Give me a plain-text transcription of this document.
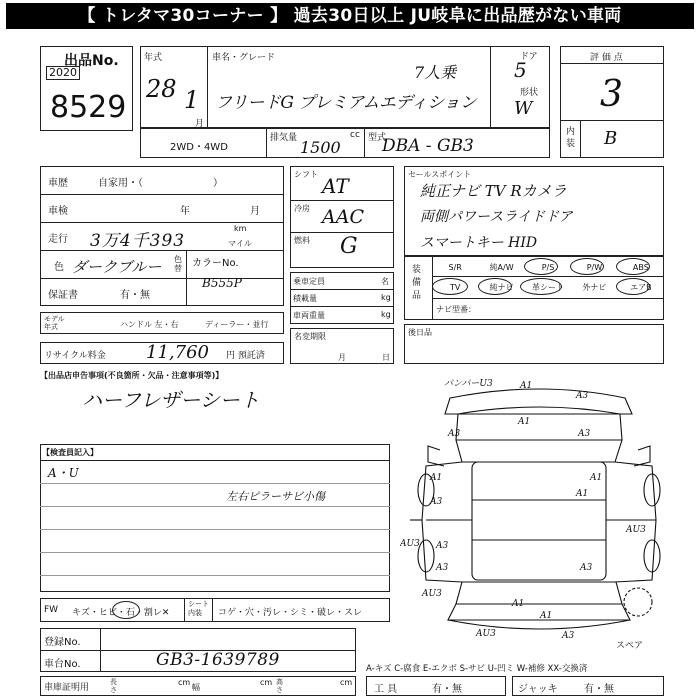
【 トレタマ30コーナー 】 過去30日以上 JU岐阜に出品歴がない車両
出品No.
2020
8529
年式
28 1
月
車名・グレード
7人乗
フリードG プレミアムエディション
ドア
5
形状
W
評 価 点
3
内装 B
2WD・4WD
排気量	cc
1500	型式
DBA - GB3
車歴	自家用・（　　　　　　　）
車検	年	月
走行 3万4千393
km
マイル
色 ダークブルー 色替 カラーNo.
B555P
保証書	有・無
モデル年式	ハンドル 左・右	ディーラー・並行
リサイクル料金 11,760 円 預託済
シフト AT
冷房 AAC
燃料 G
乗車定員	名
積載量	kg
車両重量	kg
名変期限
月	日
セールスポイント
純正ナビ TV Rカメラ
両側パワースライドドア
スマートキー HID
装備品
S/R	純A/W	P/S	P/W	ABS
TV	純ナビ	革シート	外ナビ	エアB
ナビ型番：
後日品
【出品店申告事項(不良箇所・欠品・注意事項等)】
ハーフレザーシート
【検査員記入】
A・U
左右ピラーサビ小傷
FW キズ・ヒビ・石・割レ✕
シート内装	コゲ・穴・汚レ・シミ・破レ・スレ
登録No.
車台No.	GB3-1639789
車庫証明用
長さ
cm
幅
cm 高さ
cm
A-キズ C-腐食 E-エクボ S-サビ U-凹ミ W-補修 XX-交換済
工 具	有・無	ジャッキ	有・無
バンパーU3	A1
A3
A3	A3
A1
A1	A1
A3
A1
A3
AU3
AU3
A3	A3
AU3
A1
A1
AU3	A3
スペア
